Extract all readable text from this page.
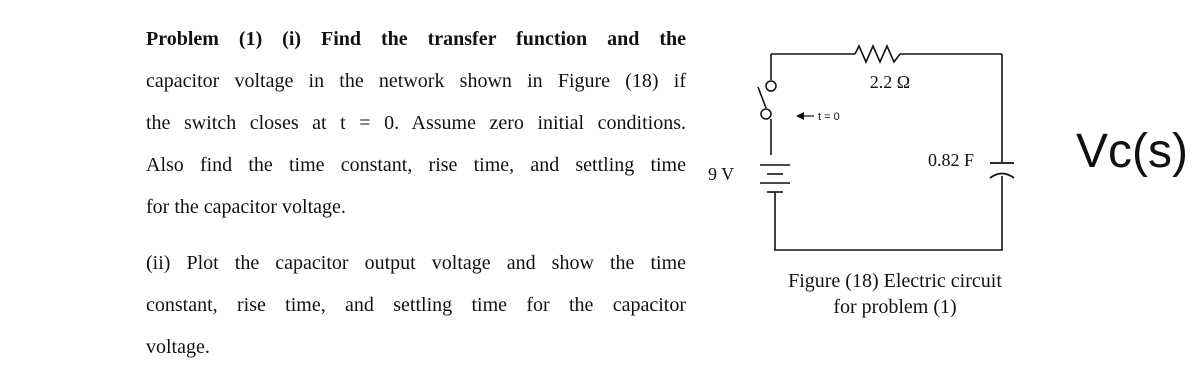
Problem (1) (i) Find the transfer function and the
capacitor voltage in the network shown in Figure (18) if
the switch closes at t = 0. Assume zero initial conditions.
Also find the time constant, rise time, and settling time
for the capacitor voltage.
(ii) Plot the capacitor output voltage and show the time
constant, rise time, and settling time for the capacitor
voltage.
2.2 Ω
t = 0
9 V
0.82 F Vc(s)
Figure (18) Electric circuit
for problem (1)
